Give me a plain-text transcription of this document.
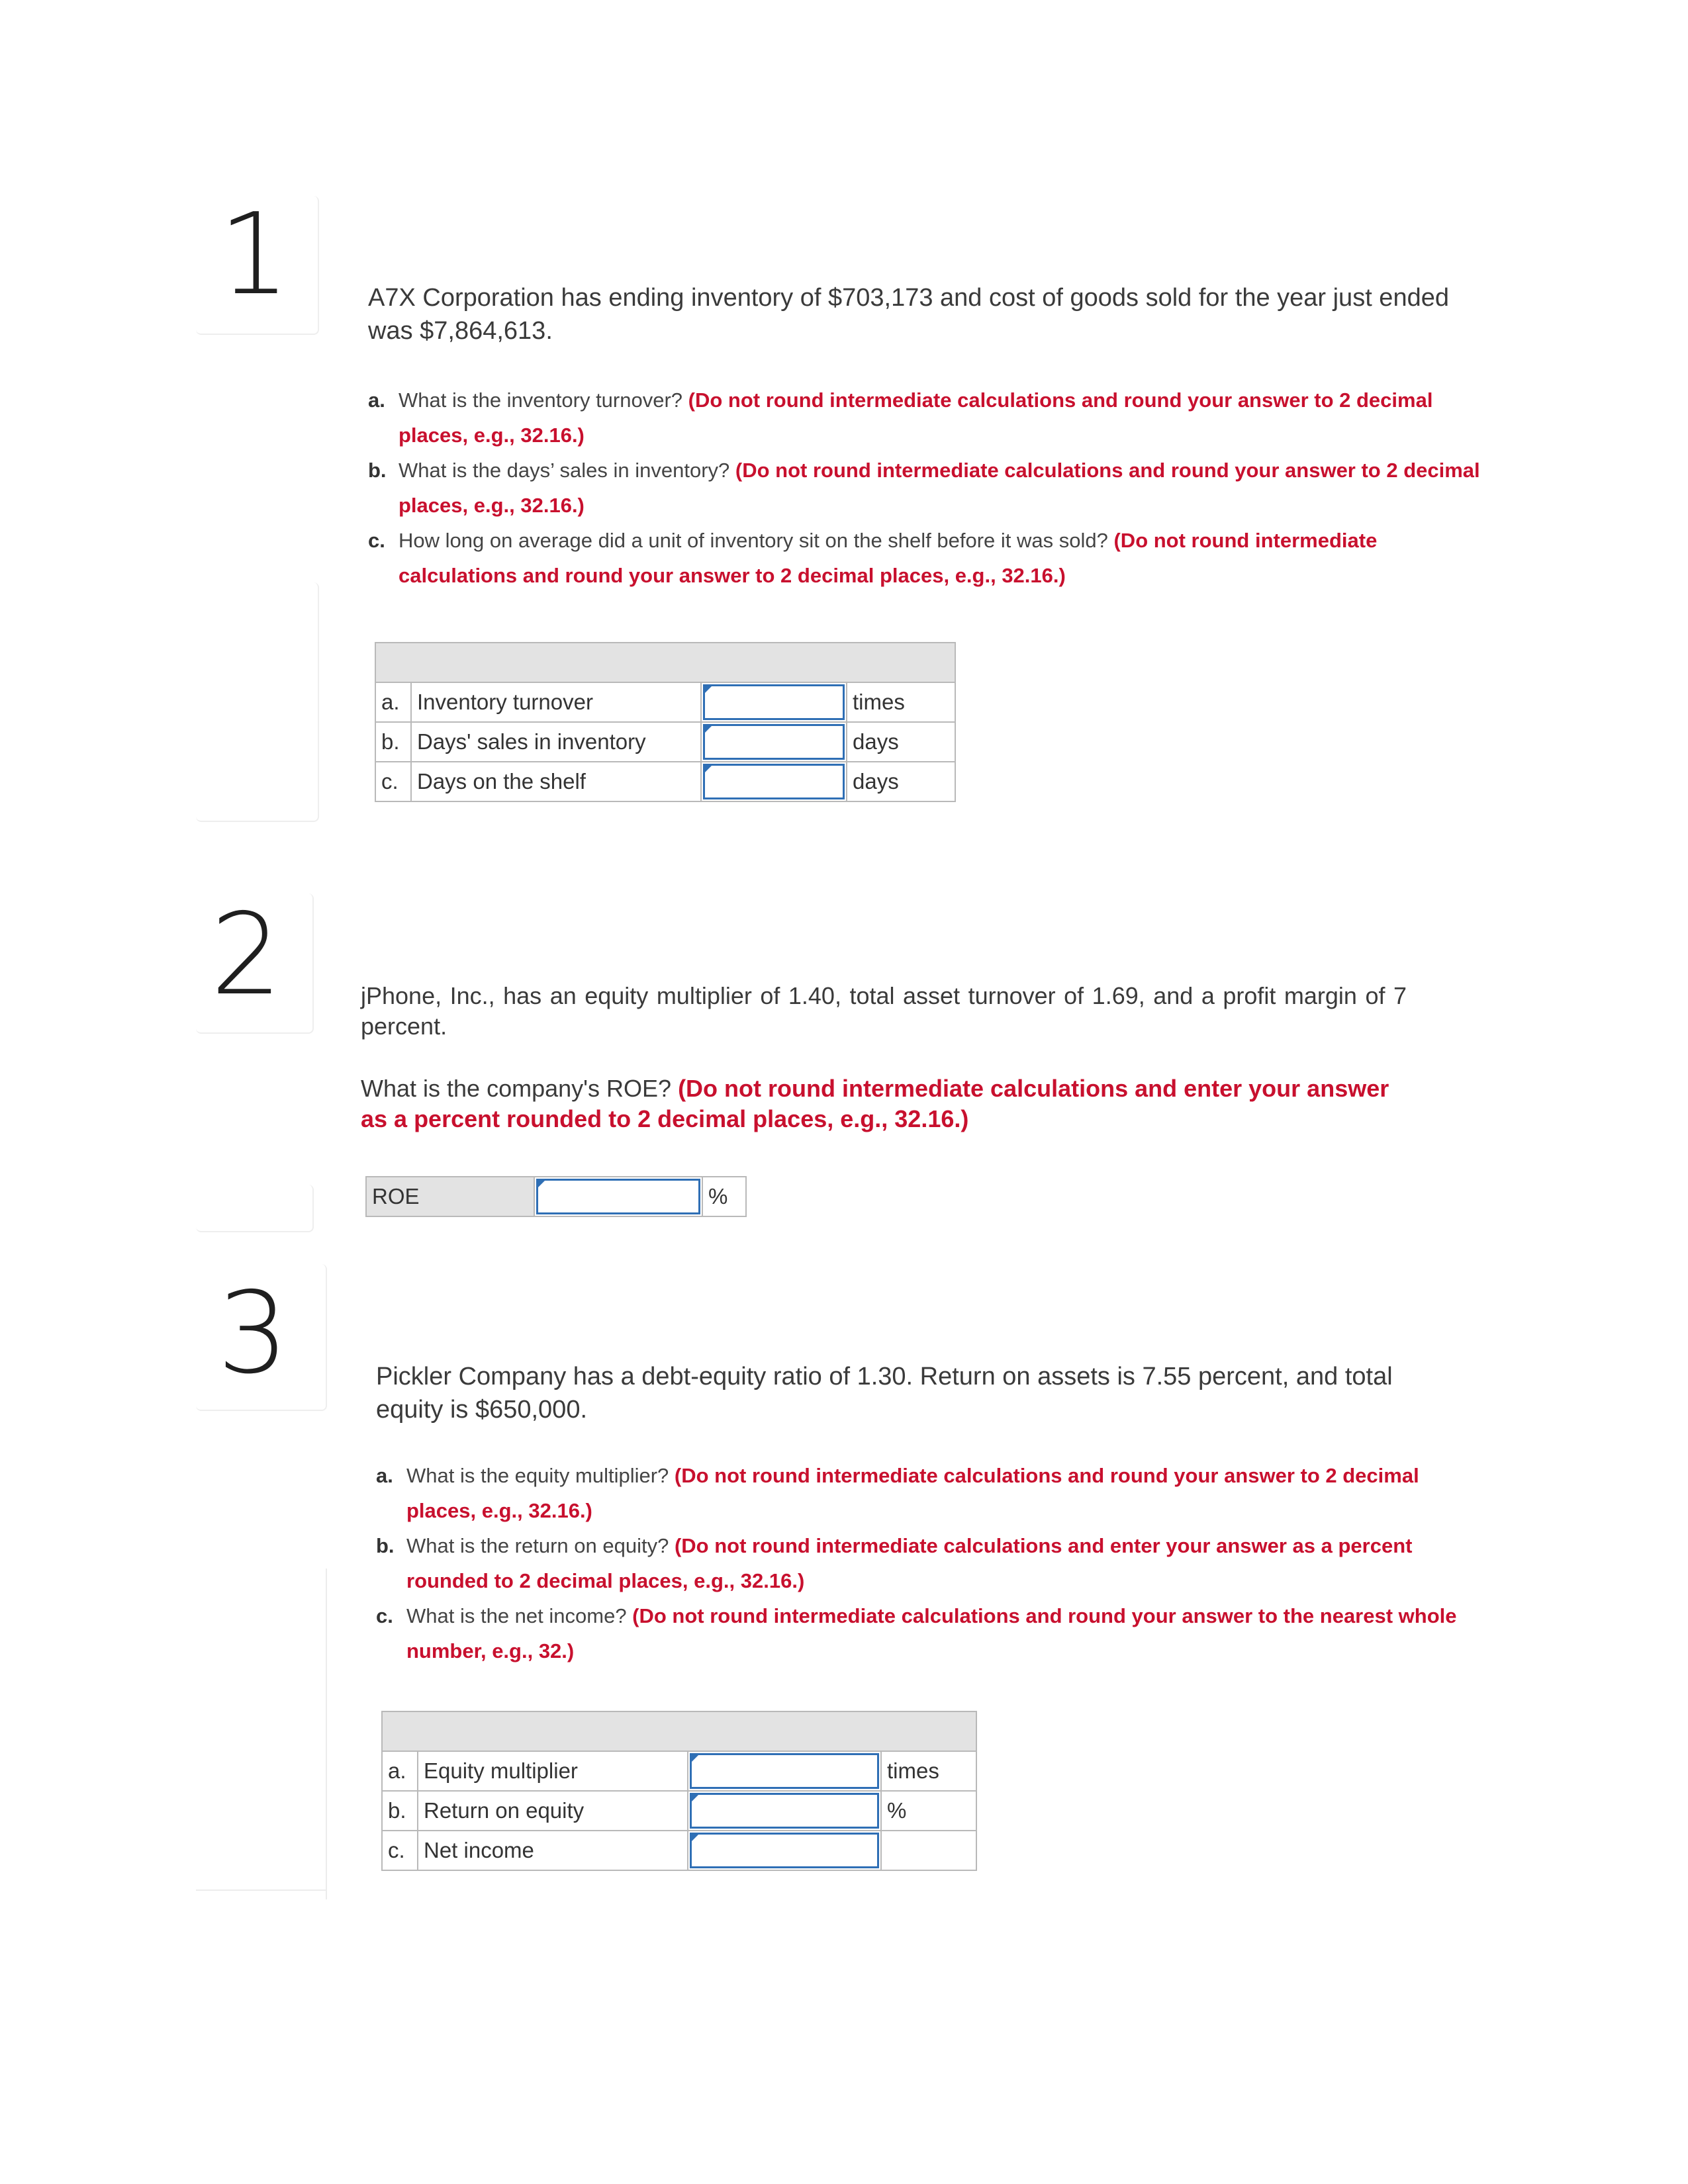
1	A7X Corporation has ending inventory of $703,173 and cost of goods sold for the year just ended was $7,864,613.
a. What is the inventory turnover? (Do not round intermediate calculations and round your answer to 2 decimal places, e.g., 32.16.)
b. What is the days’ sales in inventory? (Do not round intermediate calculations and round your answer to 2 decimal places, e.g., 32.16.)
c. How long on average did a unit of inventory sit on the shelf before it was sold? (Do not round intermediate calculations and round your answer to 2 decimal places, e.g., 32.16.)

a.	Inventory turnover		times
b.	Days' sales in inventory		days
c.	Days on the shelf		days
2	jPhone, Inc., has an equity multiplier of 1.40, total asset turnover of 1.69, and a profit margin of 7 percent.
What is the company's ROE? (Do not round intermediate calculations and enter your answer as a percent rounded to 2 decimal places, e.g., 32.16.)
ROE		%
3	Pickler Company has a debt-equity ratio of 1.30. Return on assets is 7.55 percent, and total equity is $650,000.
a. What is the equity multiplier? (Do not round intermediate calculations and round your answer to 2 decimal places, e.g., 32.16.)
b. What is the return on equity? (Do not round intermediate calculations and enter your answer as a percent rounded to 2 decimal places, e.g., 32.16.)
c. What is the net income? (Do not round intermediate calculations and round your answer to the nearest whole number, e.g., 32.)

a.	Equity multiplier		times
b.	Return on equity		%
c.	Net income	
